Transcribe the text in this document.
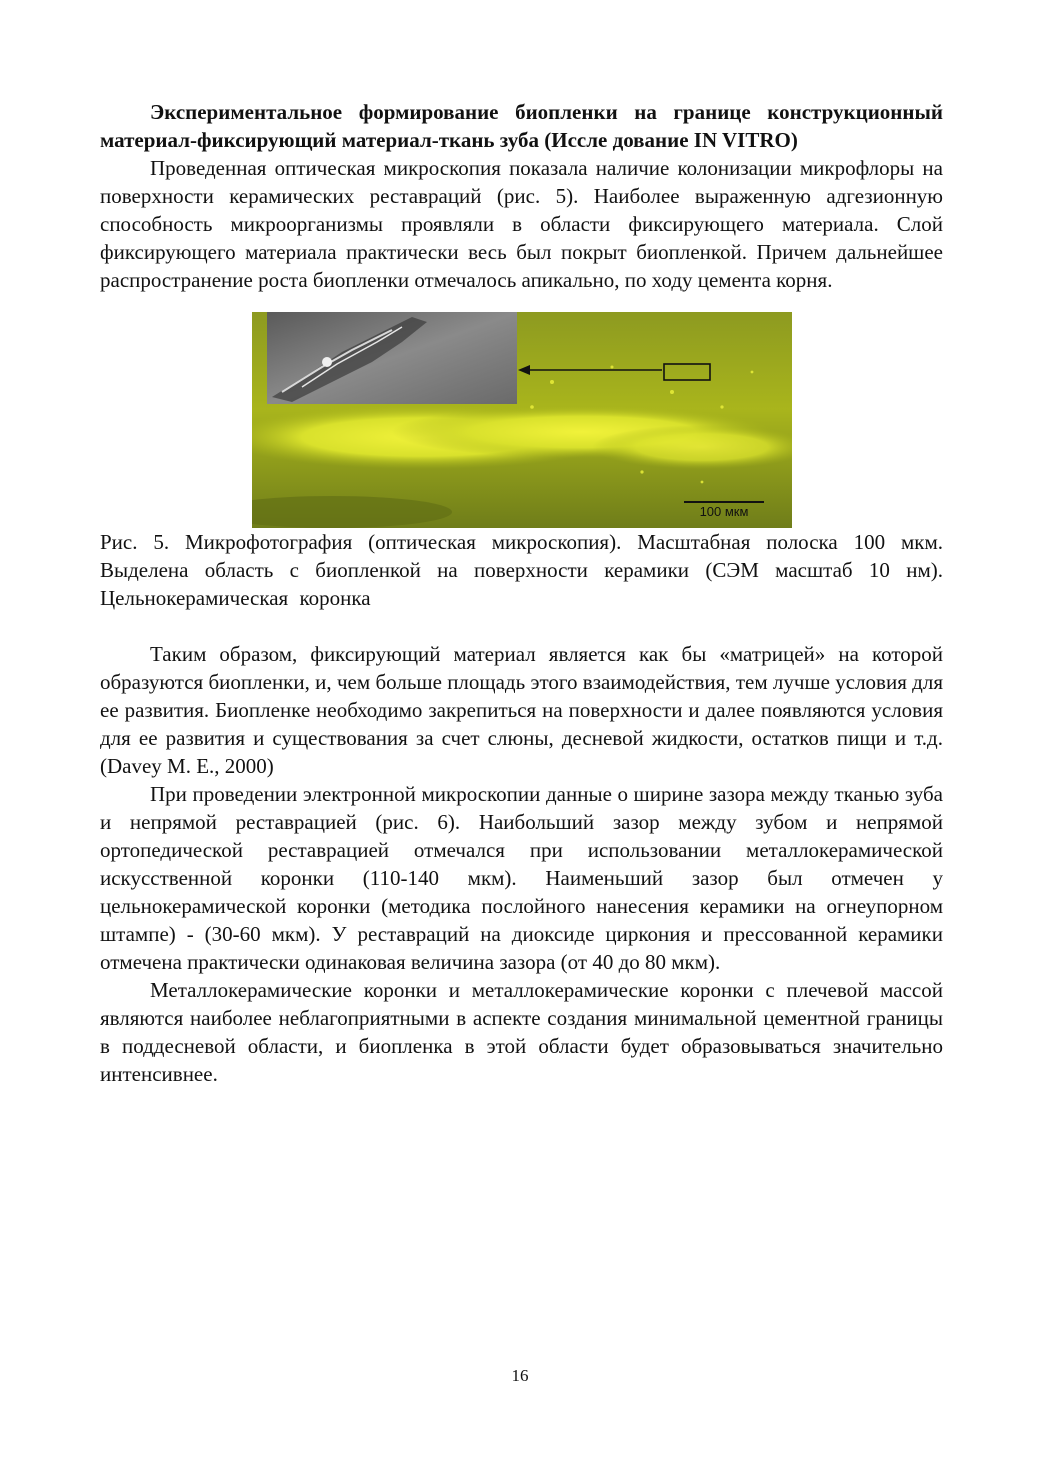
Экспериментальное формирование биопленки на границе конструкционный материал-фиксирующий материал-ткань зуба (Иссле дование IN VITRO)

Проведенная оптическая микроскопия показала наличие колонизации микрофлоры на поверхности керамических реставраций (рис. 5). Наиболее выраженную адгезионную способность микроорганизмы проявляли в области фиксирующего материала. Слой фиксирующего материала практически весь был покрыт биопленкой. Причем дальнейшее распространение роста биопленки отмечалось апикально, по ходу цемента корня.

100 мкм

Рис. 5. Микрофотография (оптическая микроскопия). Масштабная полоска 100 мкм. Выделена область с биопленкой на поверхности керамики (СЭМ масштаб 10 нм). Цельнокерамическая коронка

Таким образом, фиксирующий материал является как бы «матрицей» на которой образуются биопленки, и, чем больше площадь этого взаимодействия, тем лучше условия для ее развития. Биопленке необходимо закрепиться на поверхности и далее появляются условия для ее развития и существования за счет слюны, десневой жидкости, остатков пищи и т.д. (Davey M. E., 2000)

При проведении электронной микроскопии данные о ширине зазора между тканью зуба и непрямой реставрацией (рис. 6). Наибольший зазор между зубом и непрямой ортопедической реставрацией отмечался при использовании металлокерамической искусственной коронки (110-140 мкм). Наименьший зазор был отмечен у цельнокерамической коронки (методика послойного нанесения керамики на огнеупорном штампе) - (30-60 мкм). У реставраций на диоксиде циркония и прессованной керамики отмечена практически одинаковая величина зазора (от 40 до 80 мкм).

Металлокерамические коронки и металлокерамические коронки с плечевой массой являются наиболее неблагоприятными в аспекте создания минимальной цементной границы в поддесневой области, и биопленка в этой области будет образовываться значительно интенсивнее.

16
